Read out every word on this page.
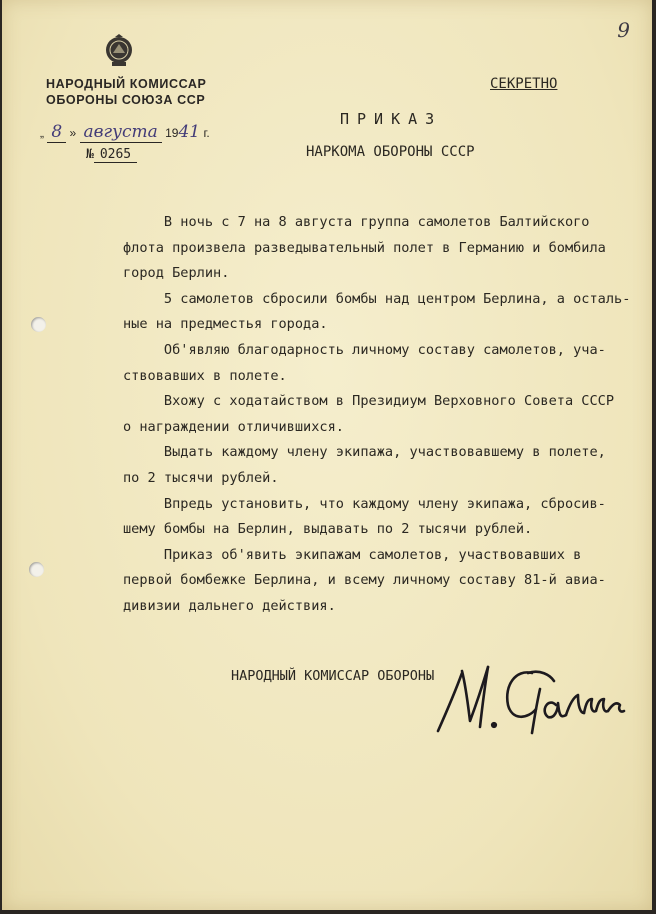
9
НАРОДНЫЙ КОМИССАР
ОБОРОНЫ СОЮЗА ССР
„ 8 » августа 1941 г.
№ 0265
СЕКРЕТНО
ПРИКАЗ
НАРКОМА ОБОРОНЫ СССР

В ночь с 7 на 8 августа группа самолетов Балтийского

флота произвела разведывательный полет в Германию и бомбила

город Берлин.

5 самолетов сбросили бомбы над центром Берлина, а осталь-

ные на предместья города.

Об'являю благодарность личному составу самолетов, уча-

ствовавших в полете.

Вхожу с ходатайством в Президиум Верховного Совета СССР

о награждении отличившихся.

Выдать каждому члену экипажа, участвовавшему в полете,

по 2 тысячи рублей.

Впредь установить, что каждому члену экипажа, сбросив-

шему бомбы на Берлин, выдавать по 2 тысячи рублей.

Приказ об'явить экипажам самолетов, участвовавших в

первой бомбежке Берлина, и всему личному составу 81-й авиа-

дивизии дальнего действия.

НАРОДНЫЙ КОМИССАР ОБОРОНЫ
